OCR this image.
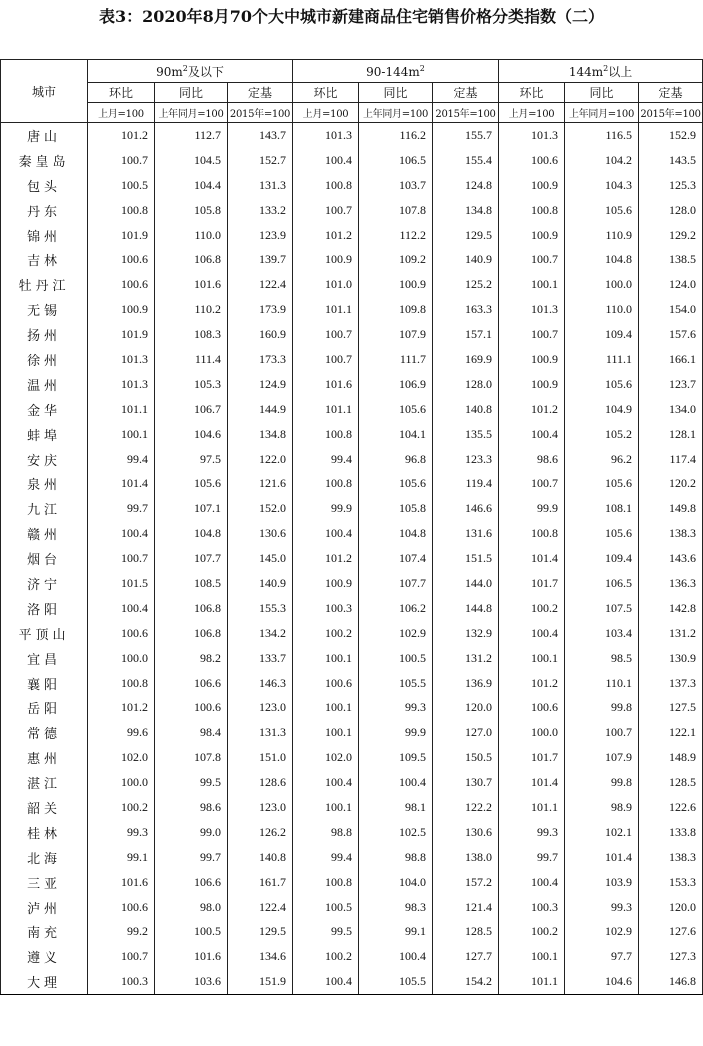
表3：2020年8月70个大中城市新建商品住宅销售价格分类指数（二）
城市	$90m^2$及以下			$90-144m^2$			$144m^2$以上		
	环比	同比	定基	环比	同比	定基	环比	同比	定基
	上月=100	上年同月=100	2015年=100	上月=100	上年同月=100	2015年=100	上月=100	上年同月=100	2015年=100
唐山	101.2	112.7	143.7	101.3	116.2	155.7	101.3	116.5	152.9
秦皇岛	100.7	104.5	152.7	100.4	106.5	155.4	100.6	104.2	143.5
包头	100.5	104.4	131.3	100.8	103.7	124.8	100.9	104.3	125.3
丹东	100.8	105.8	133.2	100.7	107.8	134.8	100.8	105.6	128.0
锦州	101.9	110.0	123.9	101.2	112.2	129.5	100.9	110.9	129.2
吉林	100.6	106.8	139.7	100.9	109.2	140.9	100.7	104.8	138.5
牡丹江	100.6	101.6	122.4	101.0	100.9	125.2	100.1	100.0	124.0
无锡	100.9	110.2	173.9	101.1	109.8	163.3	101.3	110.0	154.0
扬州	101.9	108.3	160.9	100.7	107.9	157.1	100.7	109.4	157.6
徐州	101.3	111.4	173.3	100.7	111.7	169.9	100.9	111.1	166.1
温州	101.3	105.3	124.9	101.6	106.9	128.0	100.9	105.6	123.7
金华	101.1	106.7	144.9	101.1	105.6	140.8	101.2	104.9	134.0
蚌埠	100.1	104.6	134.8	100.8	104.1	135.5	100.4	105.2	128.1
安庆	99.4	97.5	122.0	99.4	96.8	123.3	98.6	96.2	117.4
泉州	101.4	105.6	121.6	100.8	105.6	119.4	100.7	105.6	120.2
九江	99.7	107.1	152.0	99.9	105.8	146.6	99.9	108.1	149.8
赣州	100.4	104.8	130.6	100.4	104.8	131.6	100.8	105.6	138.3
烟台	100.7	107.7	145.0	101.2	107.4	151.5	101.4	109.4	143.6
济宁	101.5	108.5	140.9	100.9	107.7	144.0	101.7	106.5	136.3
洛阳	100.4	106.8	155.3	100.3	106.2	144.8	100.2	107.5	142.8
平顶山	100.6	106.8	134.2	100.2	102.9	132.9	100.4	103.4	131.2
宜昌	100.0	98.2	133.7	100.1	100.5	131.2	100.1	98.5	130.9
襄阳	100.8	106.6	146.3	100.6	105.5	136.9	101.2	110.1	137.3
岳阳	101.2	100.6	123.0	100.1	99.3	120.0	100.6	99.8	127.5
常德	99.6	98.4	131.3	100.1	99.9	127.0	100.0	100.7	122.1
惠州	102.0	107.8	151.0	102.0	109.5	150.5	101.7	107.9	148.9
湛江	100.0	99.5	128.6	100.4	100.4	130.7	101.4	99.8	128.5
韶关	100.2	98.6	123.0	100.1	98.1	122.2	101.1	98.9	122.6
桂林	99.3	99.0	126.2	98.8	102.5	130.6	99.3	102.1	133.8
北海	99.1	99.7	140.8	99.4	98.8	138.0	99.7	101.4	138.3
三亚	101.6	106.6	161.7	100.8	104.0	157.2	100.4	103.9	153.3
泸州	100.6	98.0	122.4	100.5	98.3	121.4	100.3	99.3	120.0
南充	99.2	100.5	129.5	99.5	99.1	128.5	100.2	102.9	127.6
遵义	100.7	101.6	134.6	100.2	100.4	127.7	100.1	97.7	127.3
大理	100.3	103.6	151.9	100.4	105.5	154.2	101.1	104.6	146.8
